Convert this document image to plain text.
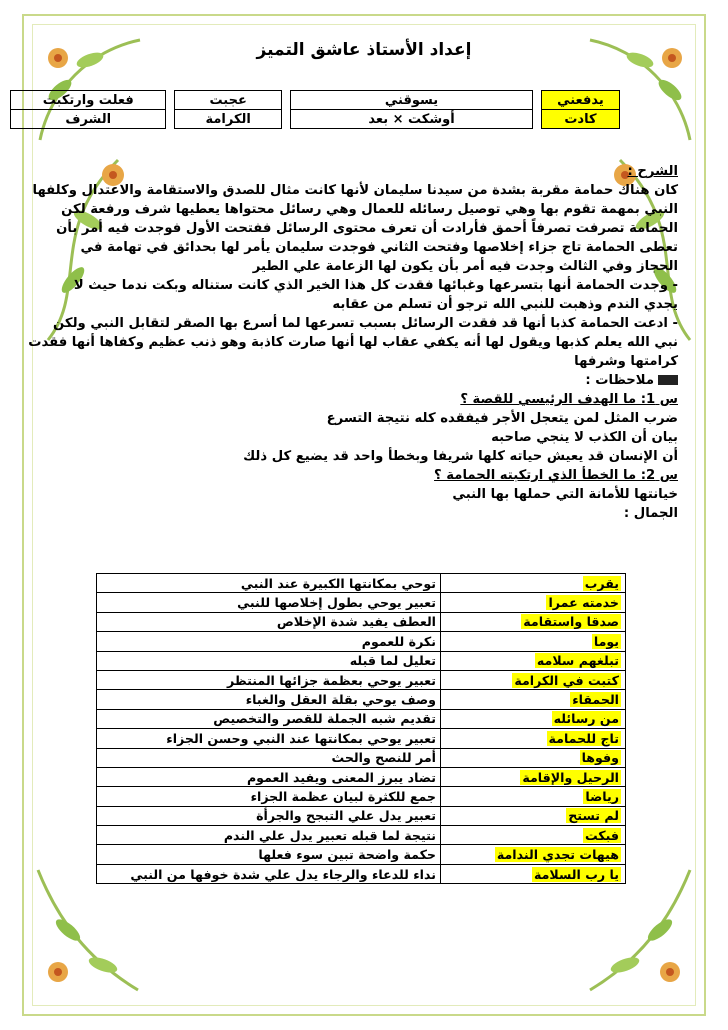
إعداد الأستاذ عاشق التميز
يدفعني		يسوقني		عجبت		فعلت وارتكبت
كادت		أوشكت × بعد		الكرامة		الشرف

الشرح :

كان هناك حمامة مقربة بشدة من سيدنا سليمان لأنها كانت مثال للصدق والاستقامة والاعتدال وكلفها

النبي بمهمة تقوم بها وهي توصيل رسائله للعمال وهي رسائل محتواها يعطيها شرف ورفعة لكن

الحمامة تصرفت تصرفاً أحمق فأرادت أن تعرف محتوى الرسائل ففتحت الأول فوجدت فيه أمر بأن

تعطى الحمامة تاج جزاء إخلاصها وفتحت الثاني فوجدت سليمان يأمر لها بحدائق في تهامة في

الحجاز وفي الثالث وجدت فيه أمر بأن يكون لها الزعامة علي الطير

- وجدت الحمامة أنها بتسرعها وغبائها فقدت كل هذا الخير الذي كانت ستناله وبكت ندما حيث لا

يجدي الندم وذهبت للنبي الله ترجو أن تسلم من عقابه

- ادعت الحمامة كذبا أنها قد فقدت الرسائل بسبب تسرعها لما أسرع بها الصقر لتقابل النبي ولكن

نبي الله يعلم كذبها ويقول لها أنه يكفي عقاب لها أنها صارت كاذبة وهو ذنب عظيم وكفاها أنها فقدت

كرامتها وشرفها

ملاحظات :

س 1: ما الهدف الرئيسي للقصة ؟

ضرب المثل لمن يتعجل الأجر فيفقده كله نتيجة التسرع

بيان أن الكذب لا ينجي صاحبه

أن الإنسان قد يعيش حياته كلها شريفا وبخطأ واحد قد يضيع كل ذلك

س 2: ما الخطأ الذي ارتكبته الحمامة ؟

خيانتها للأمانة التي حملها بها النبي

الجمال :

يقرب	توحي بمكانتها الكبيرة عند النبي
خدمته عمرا	تعبير يوحي بطول إخلاصها للنبي
صدقا واستقامة	العطف يفيد شدة الإخلاص
يوما	نكرة للعموم
تبلغهم سلامه	تعليل لما قبله
كتبت في الكرامة	تعبير يوحي بعظمة جزائها المنتظر
الحمقاء	وصف يوحي بقلة العقل والغباء
من رسائله	تقديم شبه الجملة للقصر والتخصيص
تاج للحمامة	تعبير يوحي بمكانتها عند النبي وحسن الجزاء
وفوها	أمر للنصح والحث
الرحيل والإقامة	تضاد يبرز المعنى ويفيد العموم
رياضا	جمع للكثرة لبيان عظمة الجزاء
لم تستح	تعبير يدل علي التبجح والجرأة
فبكت	نتيجة لما قبله تعبير يدل علي الندم
هيهات تجدي الندامة	حكمة واضحة تبين سوء فعلها
يا رب السلامة	نداء للدعاء والرجاء يدل علي شدة خوفها من النبي
